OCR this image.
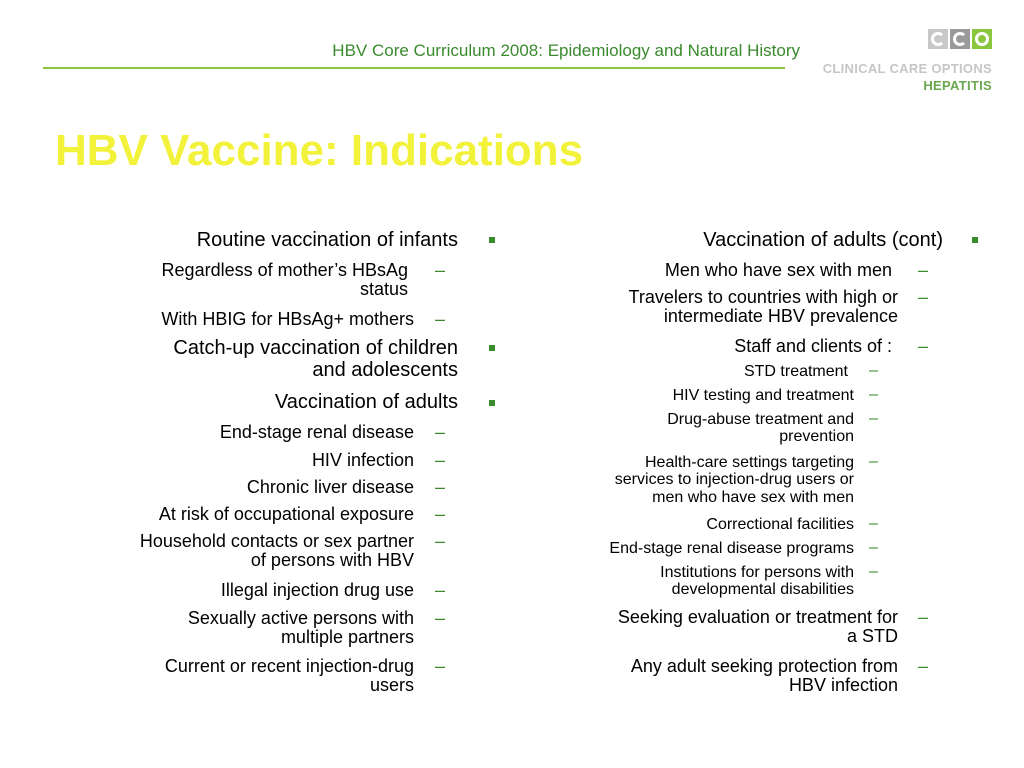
HBV Core Curriculum 2008: Epidemiology and Natural History
CLINICAL CARE OPTIONS
HEPATITIS
HBV Vaccine: Indications
Routine vaccination of infants
Regardless of mother’s HBsAg
status
–
With HBIG for HBsAg+ mothers –
Catch-up vaccination of children
and adolescents
Vaccination of adults
End-stage renal disease –
HIV infection –
Chronic liver disease –
At risk of occupational exposure –
Household contacts or sex partner
of persons with HBV
–
Illegal injection drug use –
Sexually active persons with
multiple partners
–
Current or recent injection-drug
users
–
Vaccination of adults (cont)
Men who have sex with men –
Travelers to countries with high or
intermediate HBV prevalence
–
Staff and clients of : –
STD treatment –
HIV testing and treatment –
Drug-abuse treatment and
prevention
–
Health-care settings targeting
services to injection-drug users or
men who have sex with men
–
Correctional facilities –
End-stage renal disease programs –
Institutions for persons with
developmental disabilities
–
Seeking evaluation or treatment for
a STD
–
Any adult seeking protection from
HBV infection
–
